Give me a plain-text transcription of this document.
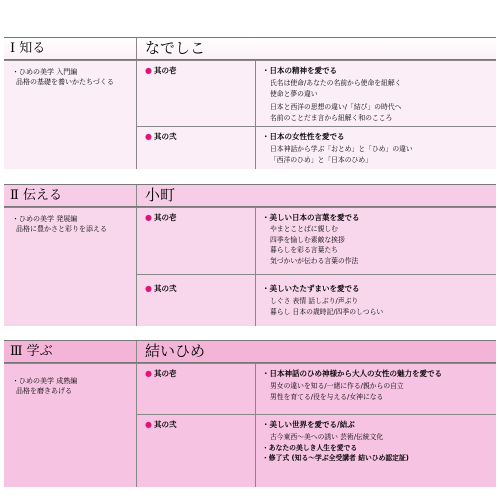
Ⅰ 知る	なでしこ
・ひめの美学 入門編
品格の基礎を養いかたちづくる
● 其の壱	・日本の精神を愛でる
氏名は使命/あなたの名前から使命を紐解く
使命と夢の違い
日本と西洋の思想の違い/「結び」の時代へ
名前のことだま言から紐解く和のこころ
● 其の弐	・日本の女性性を愛でる
日本神話から学ぶ「おとめ」と「ひめ」の違い
「西洋のひめ」と「日本のひめ」
Ⅱ 伝える	小町
・ひめの美学 発展編
品格に豊かさと彩りを添える
● 其の壱	・美しい日本の言葉を愛でる
やまとことばに親しむ
四季を愉しむ素敵な挨拶
暮らしを彩る言葉たち
気づかいが伝わる言葉の作法
● 其の弐	・美しいたたずまいを愛でる
しぐさ 表情 話しぶり/声ぶり
暮らし 日本の歳時記/四季のしつらい
Ⅲ 学ぶ	結いひめ
・ひめの美学 成熟編
品格を磨きあげる
● 其の壱	・日本神話のひめ神様から大人の女性の魅力を愛でる
男女の違いを知る/一緒に作る/親からの自立
男性を育てる/役を与える/女神になる
● 其の弐	・美しい世界を愛でる/結ぶ
古今東西～美への誘い 芸術/伝統文化
・あなたの美しき人生を愛でる
・修了式 (知る～学ぶ全受講者 結いひめ認定証)
